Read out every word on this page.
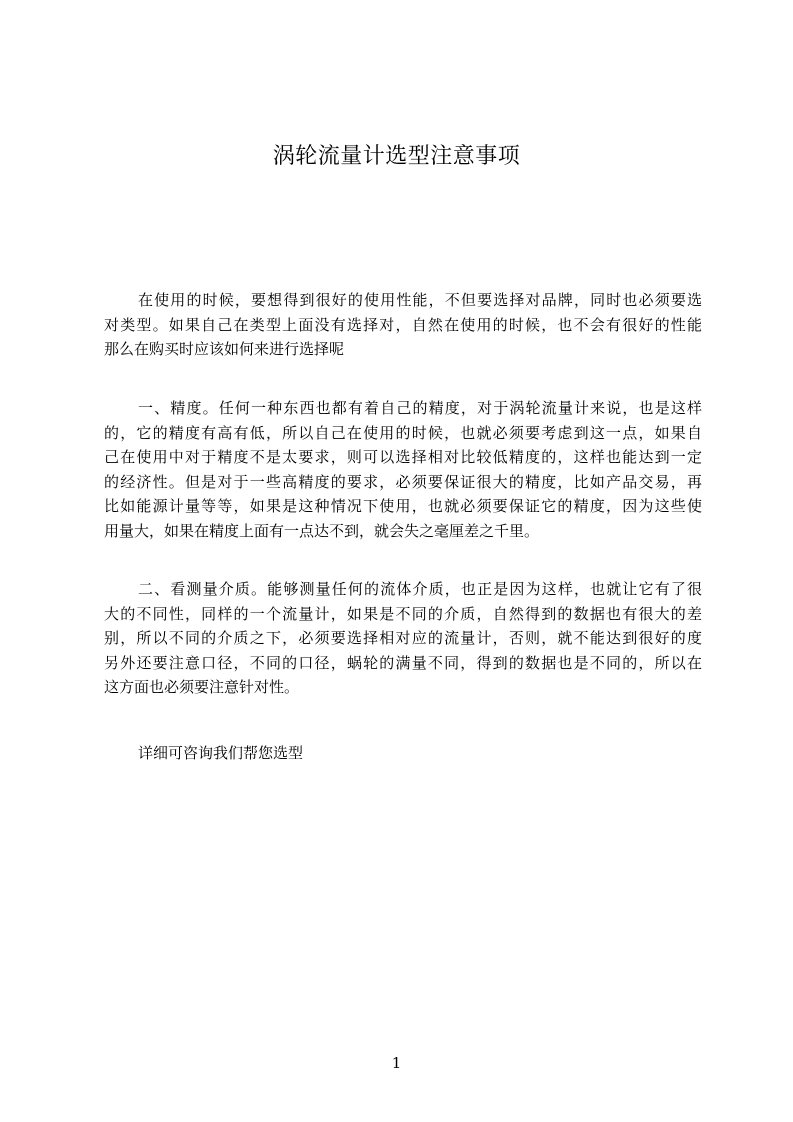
涡轮流量计选型注意事项
在使用的时候，要想得到很好的使用性能，不但要选择对品牌，同时也必须要选
对类型。如果自己在类型上面没有选择对，自然在使用的时候，也不会有很好的性能
那么在购买时应该如何来进行选择呢
一、精度。任何一种东西也都有着自己的精度，对于涡轮流量计来说，也是这样
的，它的精度有高有低，所以自己在使用的时候，也就必须要考虑到这一点，如果自
己在使用中对于精度不是太要求，则可以选择相对比较低精度的，这样也能达到一定
的经济性。但是对于一些高精度的要求，必须要保证很大的精度，比如产品交易，再
比如能源计量等等，如果是这种情况下使用，也就必须要保证它的精度，因为这些使
用量大，如果在精度上面有一点达不到，就会失之毫厘差之千里。
二、看测量介质。能够测量任何的流体介质，也正是因为这样，也就让它有了很
大的不同性，同样的一个流量计，如果是不同的介质，自然得到的数据也有很大的差
别，所以不同的介质之下，必须要选择相对应的流量计，否则，就不能达到很好的度
另外还要注意口径，不同的口径，蜗轮的满量不同，得到的数据也是不同的，所以在
这方面也必须要注意针对性。
详细可咨询我们帮您选型
1
